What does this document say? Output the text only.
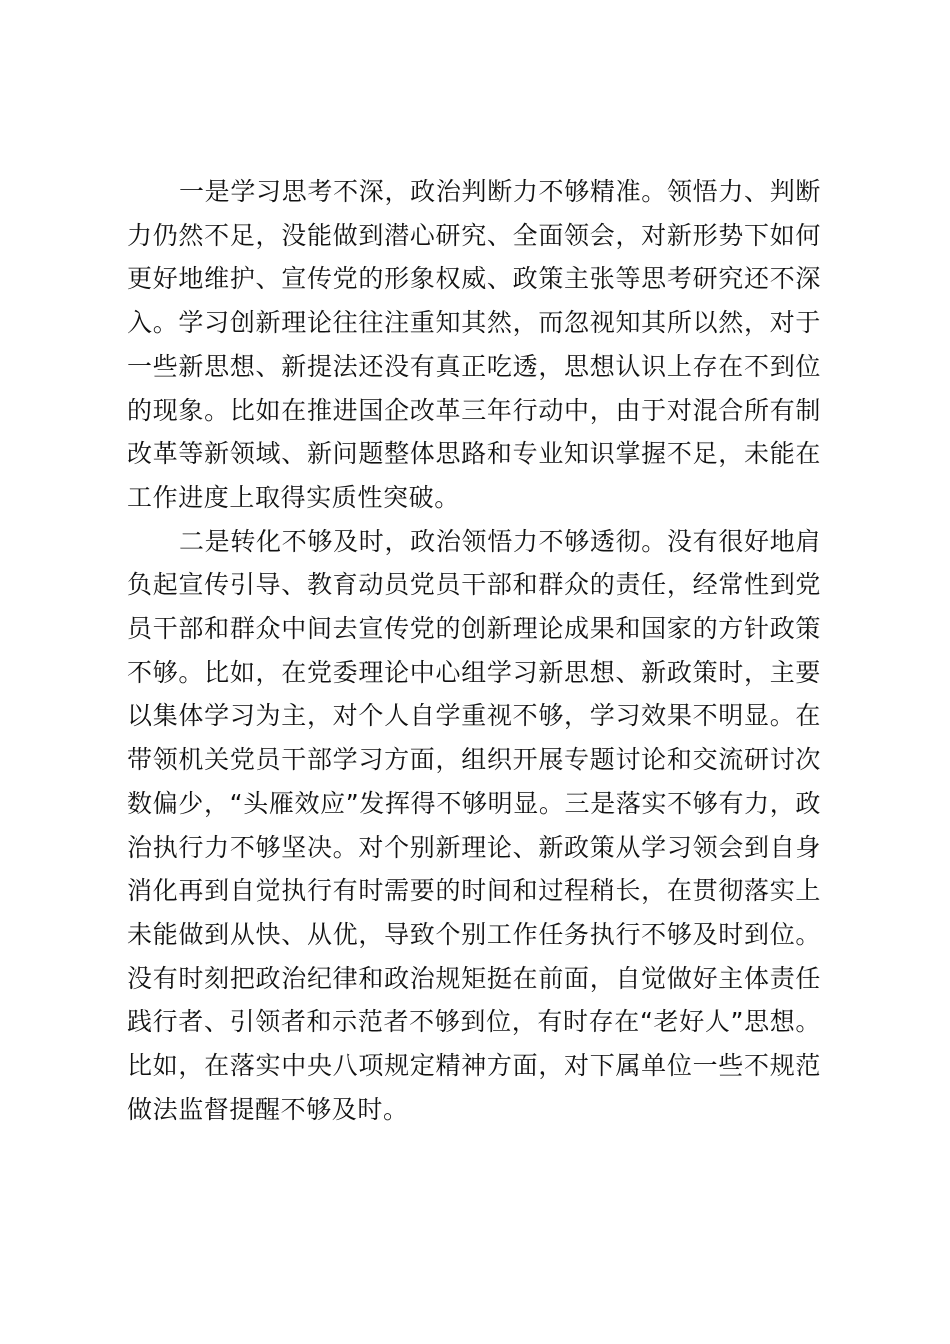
一是学习思考不深，政治判断力不够精准。领悟力、判断力仍然不足，没能做到潜心研究、全面领会，对新形势下如何更好地维护、宣传党的形象权威、政策主张等思考研究还不深入。学习创新理论往往注重知其然，而忽视知其所以然，对于一些新思想、新提法还没有真正吃透，思想认识上存在不到位的现象。比如在推进国企改革三年行动中，由于对混合所有制改革等新领域、新问题整体思路和专业知识掌握不足，未能在工作进度上取得实质性突破。

二是转化不够及时，政治领悟力不够透彻。没有很好地肩负起宣传引导、教育动员党员干部和群众的责任，经常性到党员干部和群众中间去宣传党的创新理论成果和国家的方针政策不够。比如，在党委理论中心组学习新思想、新政策时，主要以集体学习为主，对个人自学重视不够，学习效果不明显。在带领机关党员干部学习方面，组织开展专题讨论和交流研讨次数偏少，“头雁效应”发挥得不够明显。三是落实不够有力，政治执行力不够坚决。对个别新理论、新政策从学习领会到自身消化再到自觉执行有时需要的时间和过程稍长，在贯彻落实上未能做到从快、从优，导致个别工作任务执行不够及时到位。没有时刻把政治纪律和政治规矩挺在前面，自觉做好主体责任践行者、引领者和示范者不够到位，有时存在“老好人”思想。比如，在落实中央八项规定精神方面，对下属单位一些不规范做法监督提醒不够及时。
